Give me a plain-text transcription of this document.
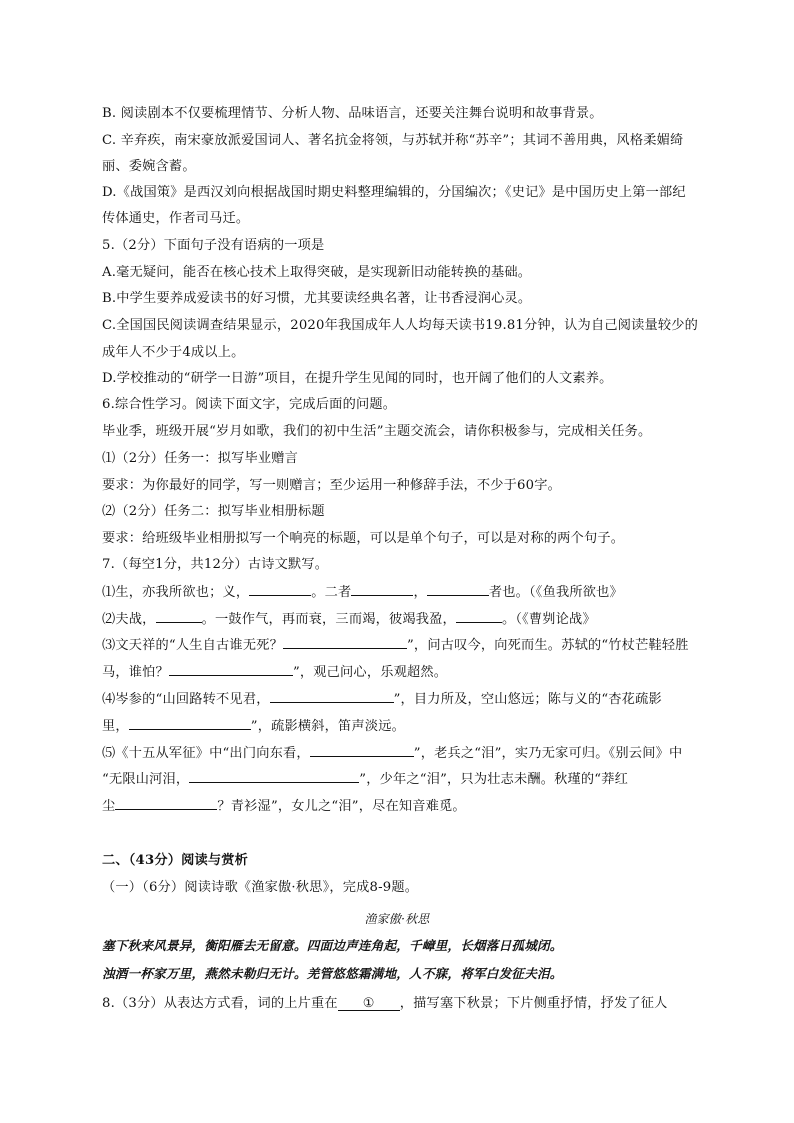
B. 阅读剧本不仅要梳理情节、分析人物、品味语言，还要关注舞台说明和故事背景。
C. 辛弃疾，南宋豪放派爱国词人、著名抗金将领，与苏轼并称“苏辛”；其词不善用典，风格柔媚绮
丽、委婉含蓄。
D.《战国策》是西汉刘向根据战国时期史料整理编辑的，分国编次；《史记》是中国历史上第一部纪
传体通史，作者司马迁。
5.（2分）下面句子没有语病的一项是
A.毫无疑问，能否在核心技术上取得突破，是实现新旧动能转换的基础。
B.中学生要养成爱读书的好习惯，尤其要读经典名著，让书香浸润心灵。
C.全国国民阅读调查结果显示，2020年我国成年人人均每天读书19.81分钟，认为自己阅读量较少的
成年人不少于4成以上。
D.学校推动的“研学一日游”项目，在提升学生见闻的同时，也开阔了他们的人文素养。
6.综合性学习。阅读下面文字，完成后面的问题。
毕业季，班级开展“岁月如歌，我们的初中生活”主题交流会，请你积极参与，完成相关任务。
⑴（2分）任务一：拟写毕业赠言
要求：为你最好的同学，写一则赠言；至少运用一种修辞手法，不少于60字。
⑵（2分）任务二：拟写毕业相册标题
要求：给班级毕业相册拟写一个响亮的标题，可以是单个句子，可以是对称的两个句子。
7.（每空1分，共12分）古诗文默写。
⑴生，亦我所欲也；义，	。二者	，	者也。（《鱼我所欲也》
⑵夫战，	。一鼓作气，再而衰，三而竭，彼竭我盈，	。（《曹刿论战》
⑶文天祥的“人生自古谁无死？	”，问古叹今，向死而生。苏轼的“竹杖芒鞋轻胜
马，谁怕？	”，观己问心，乐观超然。
⑷岑参的“山回路转不见君，	”，目力所及，空山悠远；陈与义的“杏花疏影
里，	”，疏影横斜，笛声淡远。
⑸《十五从军征》中“出门向东看，	”，老兵之“泪”，实乃无家可归。《别云间》中
“无限山河泪，	”，少年之“泪”，只为壮志未酬。秋瑾的“莽红
尘	？青衫湿”，女儿之“泪”，尽在知音难觅。
二、（43分）阅读与赏析
（一）（6分）阅读诗歌《渔家傲·秋思》，完成8-9题。
渔家傲·秋思
塞下秋来风景异，衡阳雁去无留意。四面边声连角起，千嶂里，长烟落日孤城闭。
浊酒一杯家万里，燕然未勒归无计。羌管悠悠霜满地，人不寐，将军白发征夫泪。
8.（3分）从表达方式看，词的上片重在 ① ，描写塞下秋景；下片侧重抒情，抒发了征人
